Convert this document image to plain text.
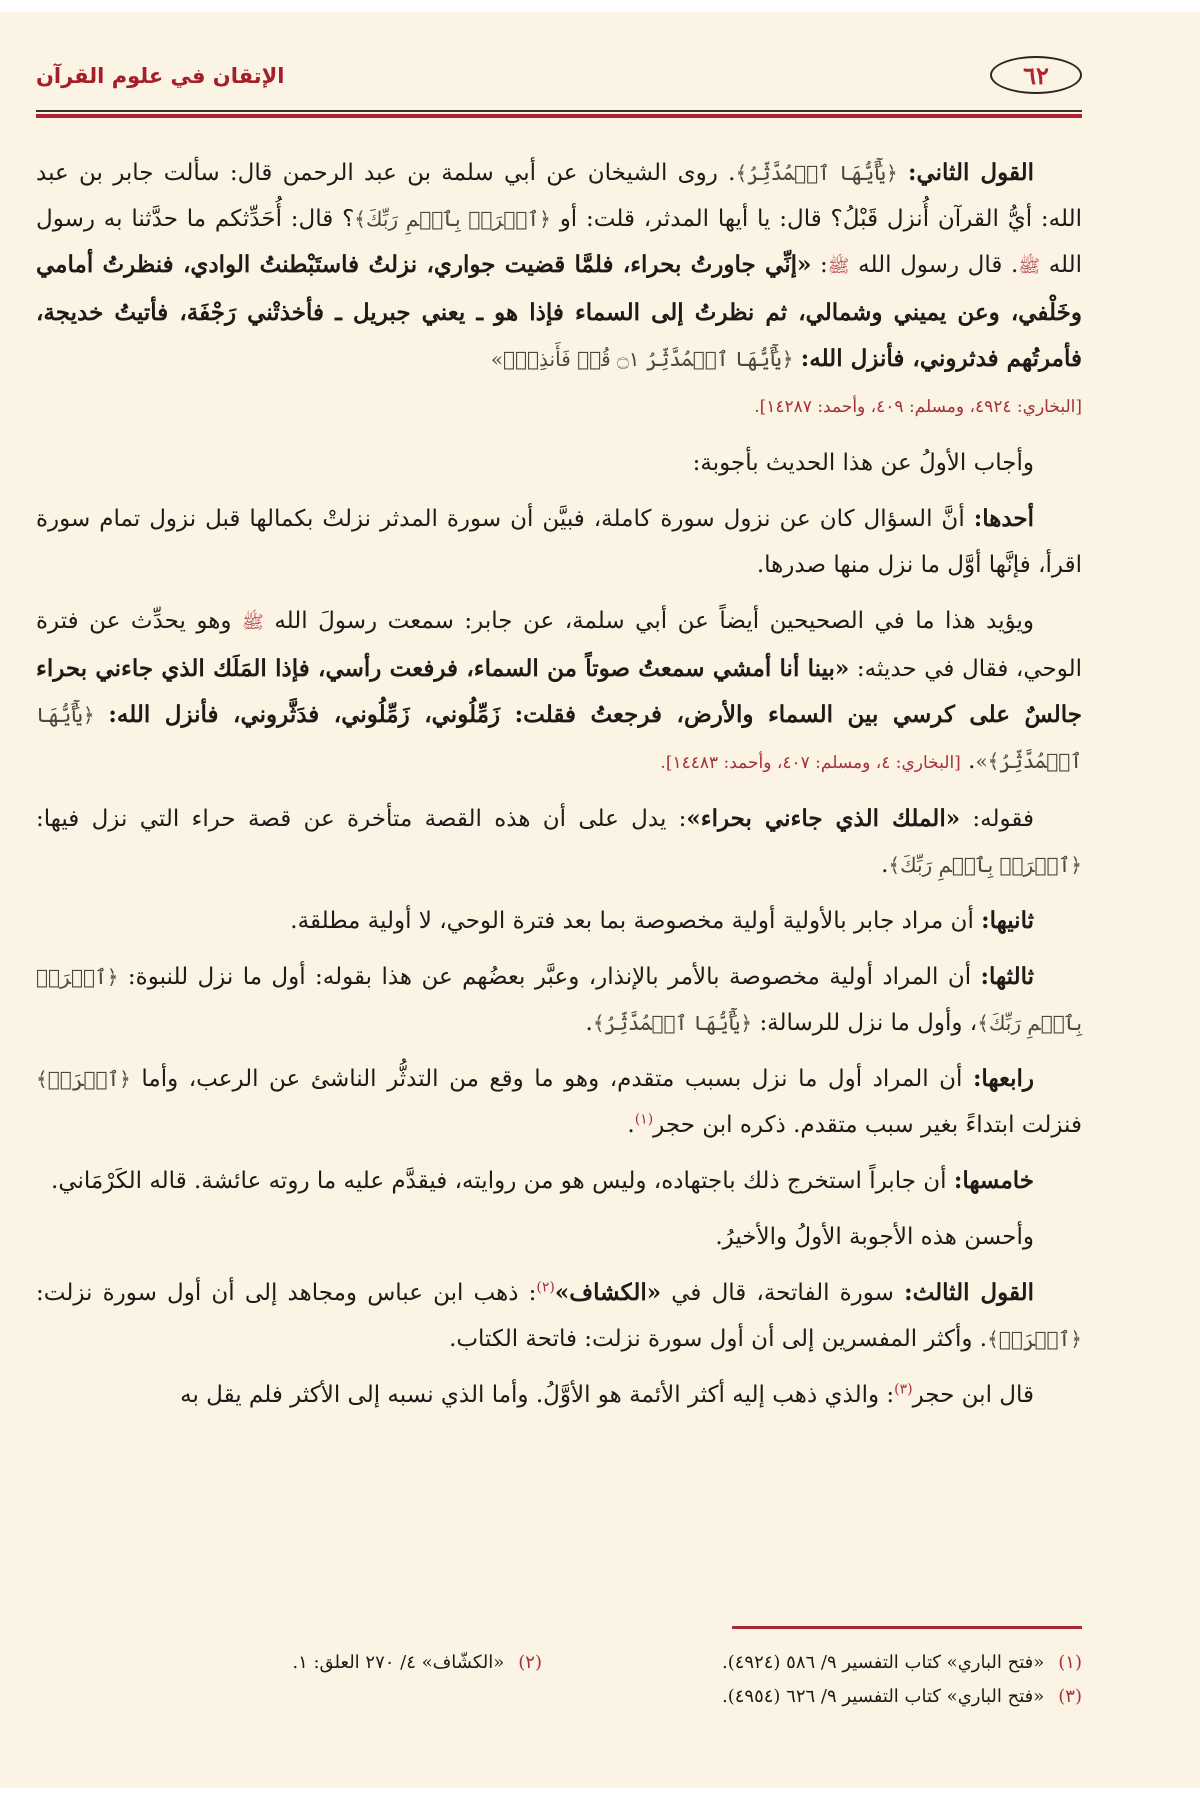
٦٢
الإتقان في علوم القرآن

القول الثاني: ﴿يَٰٓأَيُّهَا ٱلۡمُدَّثِّرُ﴾. روى الشيخان عن أبي سلمة بن عبد الرحمن قال: سألت جابر بن عبد الله: أيُّ القرآن أُنزل قَبْلُ؟ قال: يا أيها المدثر، قلت: أو ﴿ٱقۡرَأۡ بِٱسۡمِ رَبِّكَ﴾؟ قال: أُحَدِّثكم ما حدَّثنا به رسول الله ﷺ. قال رسول الله ﷺ: «إنِّي جاورتُ بحراء، فلمَّا قضيت جواري، نزلتُ فاستَبْطنتُ الوادي، فنظرتُ أمامي وخَلْفي، وعن يميني وشمالي، ثم نظرتُ إلى السماء فإذا هو ـ يعني جبريل ـ فأخذتْني رَجْفَة، فأتيتُ خديجة، فأمرتُهم فدثروني، فأنزل الله: ﴿يَٰٓأَيُّهَا ٱلۡمُدَّثِّرُ ۝١ قُمۡ فَأَنذِرۡ﴾»
[البخاري: ٤٩٢٤، ومسلم: ٤٠٩، وأحمد: ١٤٢٨٧].

وأجاب الأولُ عن هذا الحديث بأجوبة:

أحدها: أنَّ السؤال كان عن نزول سورة كاملة، فبيَّن أن سورة المدثر نزلتْ بكمالها قبل نزول تمام سورة اقرأ، فإنَّها أوَّل ما نزل منها صدرها.

ويؤيد هذا ما في الصحيحين أيضاً عن أبي سلمة، عن جابر: سمعت رسولَ الله ﷺ وهو يحدِّث عن فترة الوحي، فقال في حديثه: «بينا أنا أمشي سمعتُ صوتاً من السماء، فرفعت رأسي، فإذا المَلَك الذي جاءني بحراء جالسٌ على كرسي بين السماء والأرض، فرجعتُ فقلت: زَمِّلُوني، زَمِّلُوني، فدَثَّروني، فأنزل الله: ﴿يَٰٓأَيُّهَا ٱلۡمُدَّثِّرُ﴾». [البخاري: ٤، ومسلم: ٤٠٧، وأحمد: ١٤٤٨٣].

فقوله: «الملك الذي جاءني بحراء»: يدل على أن هذه القصة متأخرة عن قصة حراء التي نزل فيها: ﴿ٱقۡرَأۡ بِٱسۡمِ رَبِّكَ﴾.

ثانيها: أن مراد جابر بالأولية أولية مخصوصة بما بعد فترة الوحي، لا أولية مطلقة.

ثالثها: أن المراد أولية مخصوصة بالأمر بالإنذار، وعبَّر بعضُهم عن هذا بقوله: أول ما نزل للنبوة: ﴿ٱقۡرَأۡ بِٱسۡمِ رَبِّكَ﴾، وأول ما نزل للرسالة: ﴿يَٰٓأَيُّهَا ٱلۡمُدَّثِّرُ﴾.

رابعها: أن المراد أول ما نزل بسبب متقدم، وهو ما وقع من التدثُّر الناشئ عن الرعب، وأما ﴿ٱقۡرَأۡ﴾ فنزلت ابتداءً بغير سبب متقدم. ذكره ابن حجر$^{(١)}$.

خامسها: أن جابراً استخرج ذلك باجتهاده، وليس هو من روايته، فيقدَّم عليه ما روته عائشة. قاله الكَرْمَاني.

وأحسن هذه الأجوبة الأولُ والأخيرُ.

القول الثالث: سورة الفاتحة، قال في «الكشاف»$^{(٢)}$: ذهب ابن عباس ومجاهد إلى أن أول سورة نزلت: ﴿ٱقۡرَأۡ﴾. وأكثر المفسرين إلى أن أول سورة نزلت: فاتحة الكتاب.

قال ابن حجر$^{(٣)}$: والذي ذهب إليه أكثر الأئمة هو الأوَّلُ. وأما الذي نسبه إلى الأكثر فلم يقل به

(١)
«فتح الباري» كتاب التفسير ٩/ ٥٨٦ (٤٩٢٤).
(٢)
«الكشّاف» ٤/ ٢٧٠ العلق: ١.
(٣)
«فتح الباري» كتاب التفسير ٩/ ٦٢٦ (٤٩٥٤).
